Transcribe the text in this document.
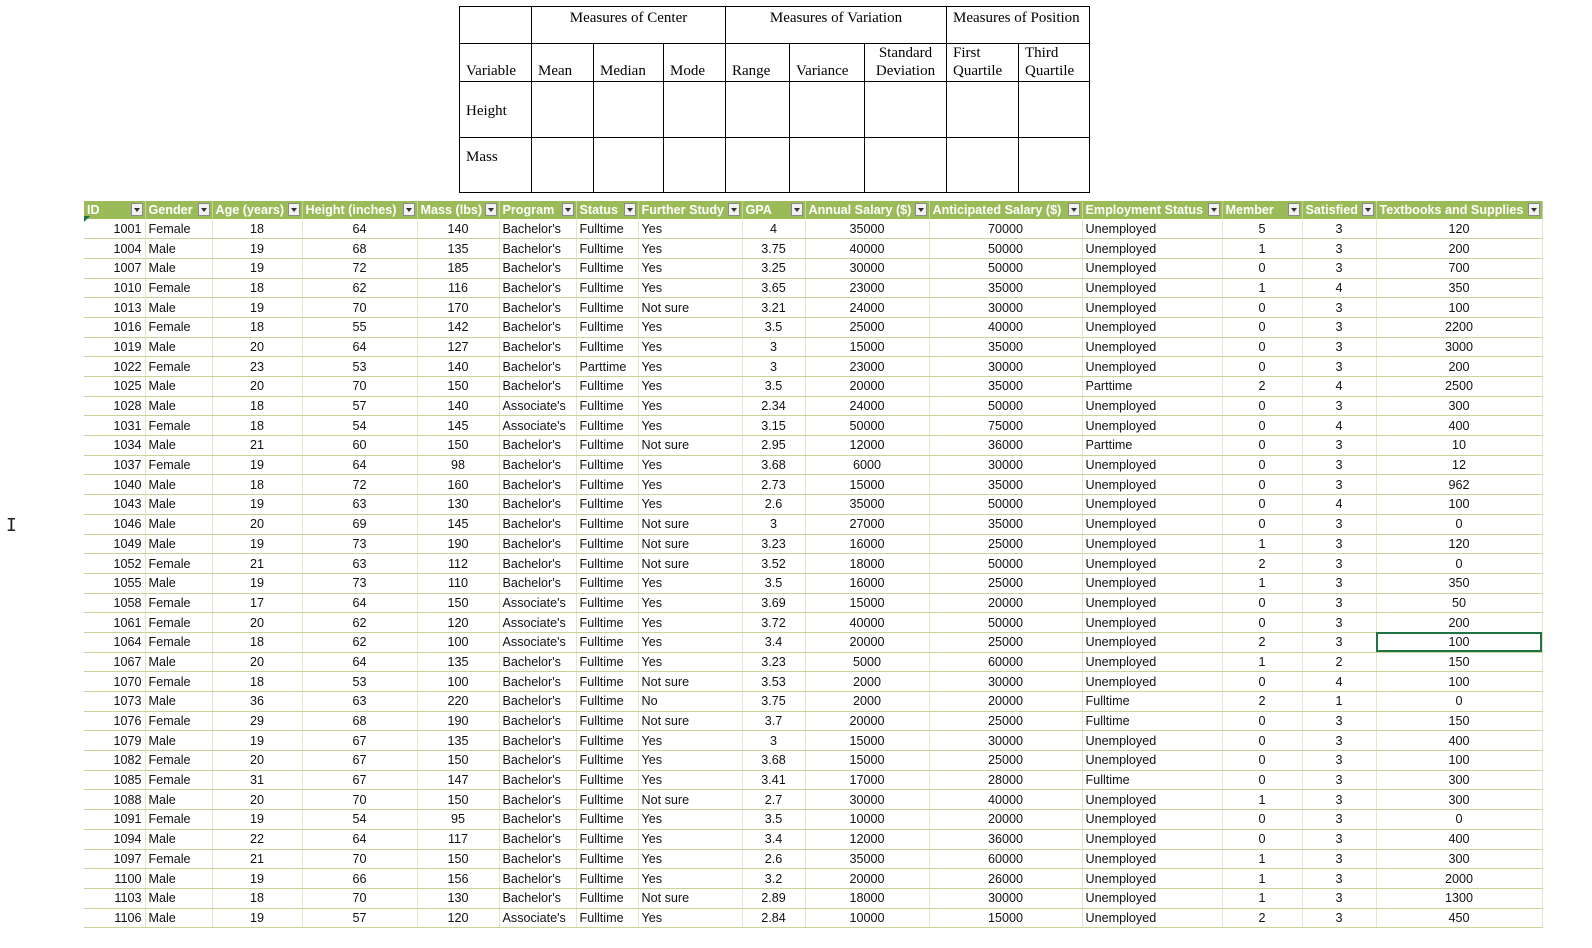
	Measures of Center			Measures of Variation			Measures of Position	
Variable	Mean	Median	Mode	Range	Variance	Standard Deviation	First Quartile	Third Quartile
Height								
Mass								
I
ID	Gender	Age (years)	Height (inches)	Mass (lbs)	Program	Status	Further Study	GPA	Annual Salary ($)	Anticipated Salary ($)	Employment Status	Member	Satisfied	Textbooks and Supplies

1001	Female	18	64	140	Bachelor's	Fulltime	Yes	4	35000	70000	Unemployed	5	3	120
1004	Male	19	68	135	Bachelor's	Fulltime	Yes	3.75	40000	50000	Unemployed	1	3	200
1007	Male	19	72	185	Bachelor's	Fulltime	Yes	3.25	30000	50000	Unemployed	0	3	700
1010	Female	18	62	116	Bachelor's	Fulltime	Yes	3.65	23000	35000	Unemployed	1	4	350
1013	Male	19	70	170	Bachelor's	Fulltime	Not sure	3.21	24000	30000	Unemployed	0	3	100
1016	Female	18	55	142	Bachelor's	Fulltime	Yes	3.5	25000	40000	Unemployed	0	3	2200
1019	Male	20	64	127	Bachelor's	Fulltime	Yes	3	15000	35000	Unemployed	0	3	3000
1022	Female	23	53	140	Bachelor's	Parttime	Yes	3	23000	30000	Unemployed	0	3	200
1025	Male	20	70	150	Bachelor's	Fulltime	Yes	3.5	20000	35000	Parttime	2	4	2500
1028	Male	18	57	140	Associate's	Fulltime	Yes	2.34	24000	50000	Unemployed	0	3	300
1031	Female	18	54	145	Associate's	Fulltime	Yes	3.15	50000	75000	Unemployed	0	4	400
1034	Male	21	60	150	Bachelor's	Fulltime	Not sure	2.95	12000	36000	Parttime	0	3	10
1037	Female	19	64	98	Bachelor's	Fulltime	Yes	3.68	6000	30000	Unemployed	0	3	12
1040	Male	18	72	160	Bachelor's	Fulltime	Yes	2.73	15000	35000	Unemployed	0	3	962
1043	Male	19	63	130	Bachelor's	Fulltime	Yes	2.6	35000	50000	Unemployed	0	4	100
1046	Male	20	69	145	Bachelor's	Fulltime	Not sure	3	27000	35000	Unemployed	0	3	0
1049	Male	19	73	190	Bachelor's	Fulltime	Not sure	3.23	16000	25000	Unemployed	1	3	120
1052	Female	21	63	112	Bachelor's	Fulltime	Not sure	3.52	18000	50000	Unemployed	2	3	0
1055	Male	19	73	110	Bachelor's	Fulltime	Yes	3.5	16000	25000	Unemployed	1	3	350
1058	Female	17	64	150	Associate's	Fulltime	Yes	3.69	15000	20000	Unemployed	0	3	50
1061	Female	20	62	120	Associate's	Fulltime	Yes	3.72	40000	50000	Unemployed	0	3	200
1064	Female	18	62	100	Associate's	Fulltime	Yes	3.4	20000	25000	Unemployed	2	3	100
1067	Male	20	64	135	Bachelor's	Fulltime	Yes	3.23	5000	60000	Unemployed	1	2	150
1070	Female	18	53	100	Bachelor's	Fulltime	Not sure	3.53	2000	30000	Unemployed	0	4	100
1073	Male	36	63	220	Bachelor's	Fulltime	No	3.75	2000	20000	Fulltime	2	1	0
1076	Female	29	68	190	Bachelor's	Fulltime	Not sure	3.7	20000	25000	Fulltime	0	3	150
1079	Male	19	67	135	Bachelor's	Fulltime	Yes	3	15000	30000	Unemployed	0	3	400
1082	Female	20	67	150	Bachelor's	Fulltime	Yes	3.68	15000	25000	Unemployed	0	3	100
1085	Female	31	67	147	Bachelor's	Fulltime	Yes	3.41	17000	28000	Fulltime	0	3	300
1088	Male	20	70	150	Bachelor's	Fulltime	Not sure	2.7	30000	40000	Unemployed	1	3	300
1091	Female	19	54	95	Bachelor's	Fulltime	Yes	3.5	10000	20000	Unemployed	0	3	0
1094	Male	22	64	117	Bachelor's	Fulltime	Yes	3.4	12000	36000	Unemployed	0	3	400
1097	Female	21	70	150	Bachelor's	Fulltime	Yes	2.6	35000	60000	Unemployed	1	3	300
1100	Male	19	66	156	Bachelor's	Fulltime	Yes	3.2	20000	26000	Unemployed	1	3	2000
1103	Male	18	70	130	Bachelor's	Fulltime	Not sure	2.89	18000	30000	Unemployed	1	3	1300
1106	Male	19	57	120	Associate's	Fulltime	Yes	2.84	10000	15000	Unemployed	2	3	450
